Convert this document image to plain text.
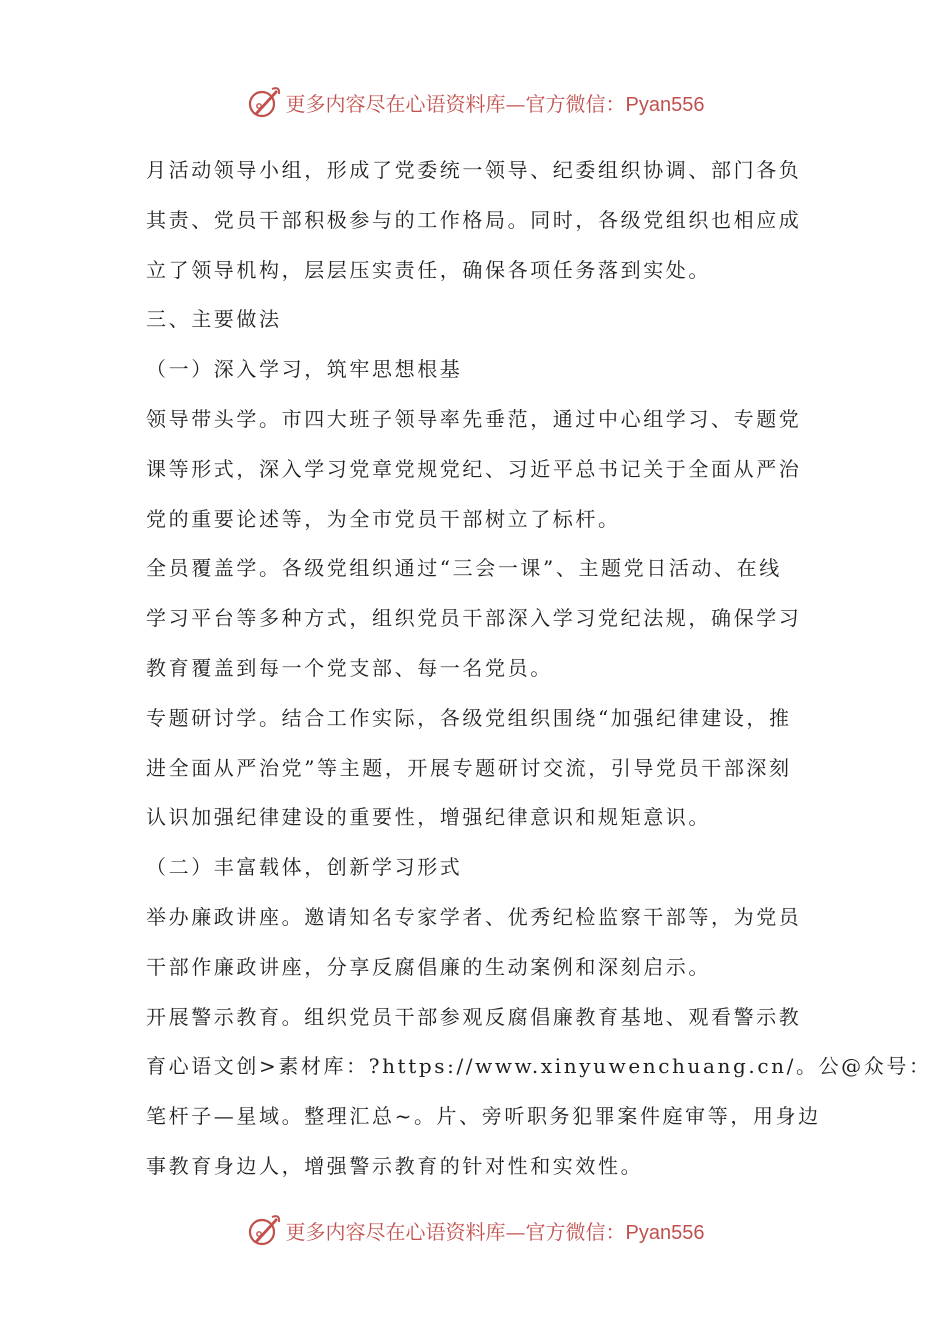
更多内容尽在心语资料库—官方微信：Pyan556
月活动领导小组，形成了党委统一领导、纪委组织协调、部门各负
其责、党员干部积极参与的工作格局。同时，各级党组织也相应成
立了领导机构，层层压实责任，确保各项任务落到实处。
三、主要做法
（一）深入学习，筑牢思想根基
领导带头学。市四大班子领导率先垂范，通过中心组学习、专题党
课等形式，深入学习党章党规党纪、习近平总书记关于全面从严治
党的重要论述等，为全市党员干部树立了标杆。
全员覆盖学。各级党组织通过“三会一课”、主题党日活动、在线
学习平台等多种方式，组织党员干部深入学习党纪法规，确保学习
教育覆盖到每一个党支部、每一名党员。
专题研讨学。结合工作实际，各级党组织围绕“加强纪律建设，推
进全面从严治党”等主题，开展专题研讨交流，引导党员干部深刻
认识加强纪律建设的重要性，增强纪律意识和规矩意识。
（二）丰富载体，创新学习形式
举办廉政讲座。邀请知名专家学者、优秀纪检监察干部等，为党员
干部作廉政讲座，分享反腐倡廉的生动案例和深刻启示。
开展警示教育。组织党员干部参观反腐倡廉教育基地、观看警示教
育心语文创>素材库：?https://www.xinyuwenchuang.cn/。公@众号：
笔杆子—星域。整理汇总~。片、旁听职务犯罪案件庭审等，用身边
事教育身边人，增强警示教育的针对性和实效性。
更多内容尽在心语资料库—官方微信：Pyan556
